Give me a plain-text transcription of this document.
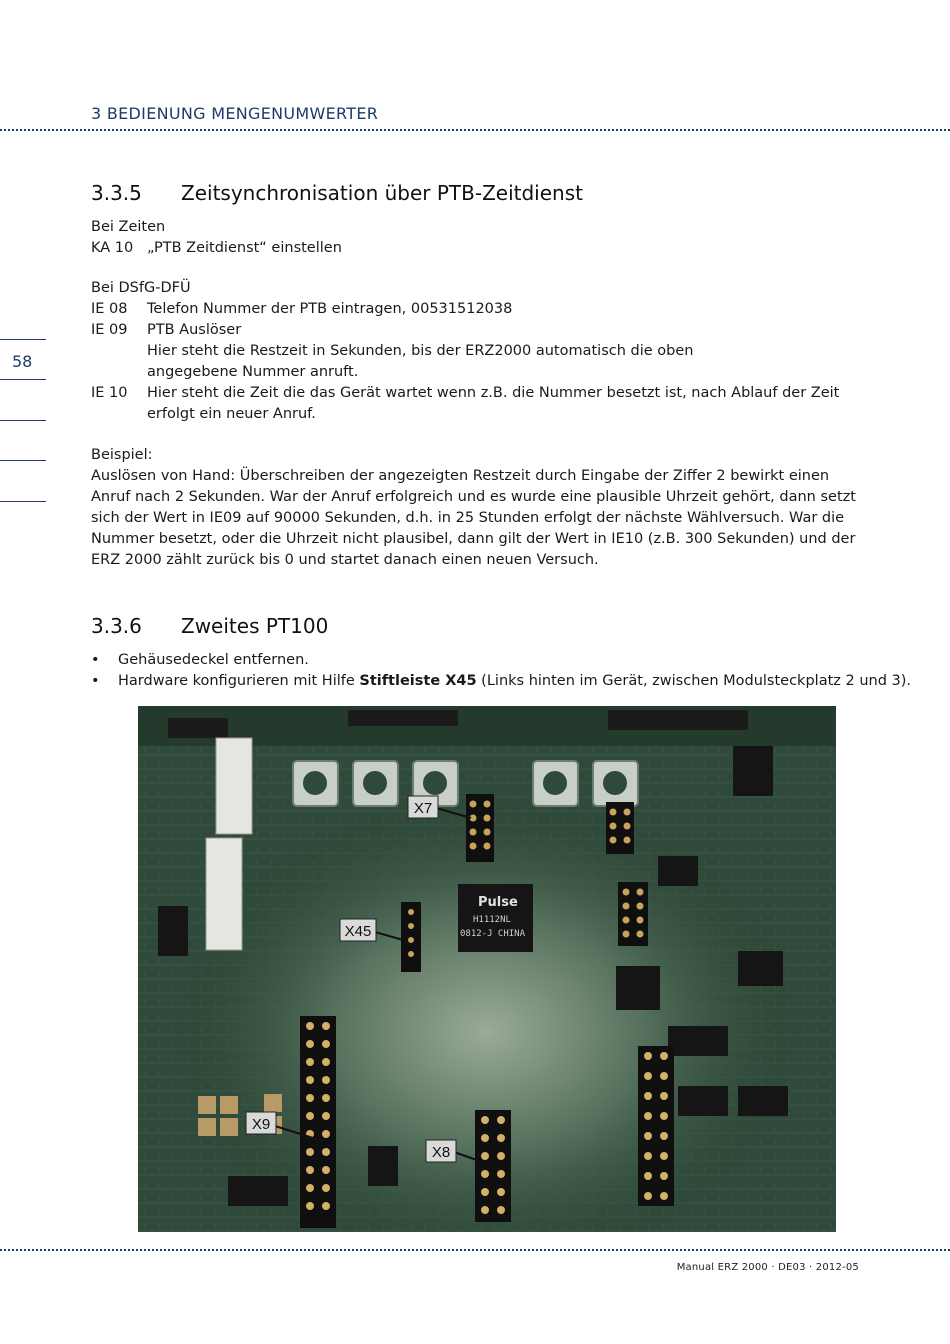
3 BEDIENUNG MENGENUMWERTER
58
3.3.5 Zeitsynchronisation über PTB-Zeitdienst
Bei Zeiten
KA 10 „PTB Zeitdienst“ einstellen
Bei DSfG-DFÜ
IE 08 Telefon Nummer der PTB eintragen, 00531512038
IE 09 PTB Auslöser
Hier steht die Restzeit in Sekunden, bis der ERZ2000 automatisch die oben
angegebene Nummer anruft.
IE 10 Hier steht die Zeit die das Gerät wartet wenn z.B. die Nummer besetzt ist, nach Ablauf der Zeit
erfolgt ein neuer Anruf.
Beispiel:
Auslösen von Hand: Überschreiben der angezeigten Restzeit durch Eingabe der Ziffer 2 bewirkt einen Anruf nach 2 Sekunden. War der Anruf erfolgreich und es wurde eine plausible Uhrzeit gehört, dann setzt sich der Wert in IE09 auf 90000 Sekunden, d.h. in 25 Stunden erfolgt der nächste Wählversuch. War die Nummer besetzt, oder die Uhrzeit nicht plausibel, dann gilt der Wert in IE10 (z.B. 300 Sekunden) und der ERZ 2000 zählt zurück bis 0 und startet danach einen neuen Versuch.
3.3.6 Zweites PT100
• Gehäusedeckel entfernen.
• Hardware konfigurieren mit Hilfe Stiftleiste X45 (Links hinten im Gerät, zwischen Modulsteckplatz 2 und 3).
Pulse
H1112NL
0812-J CHINA
X7
X45
X9
X8
Manual ERZ 2000 · DE03 · 2012-05
